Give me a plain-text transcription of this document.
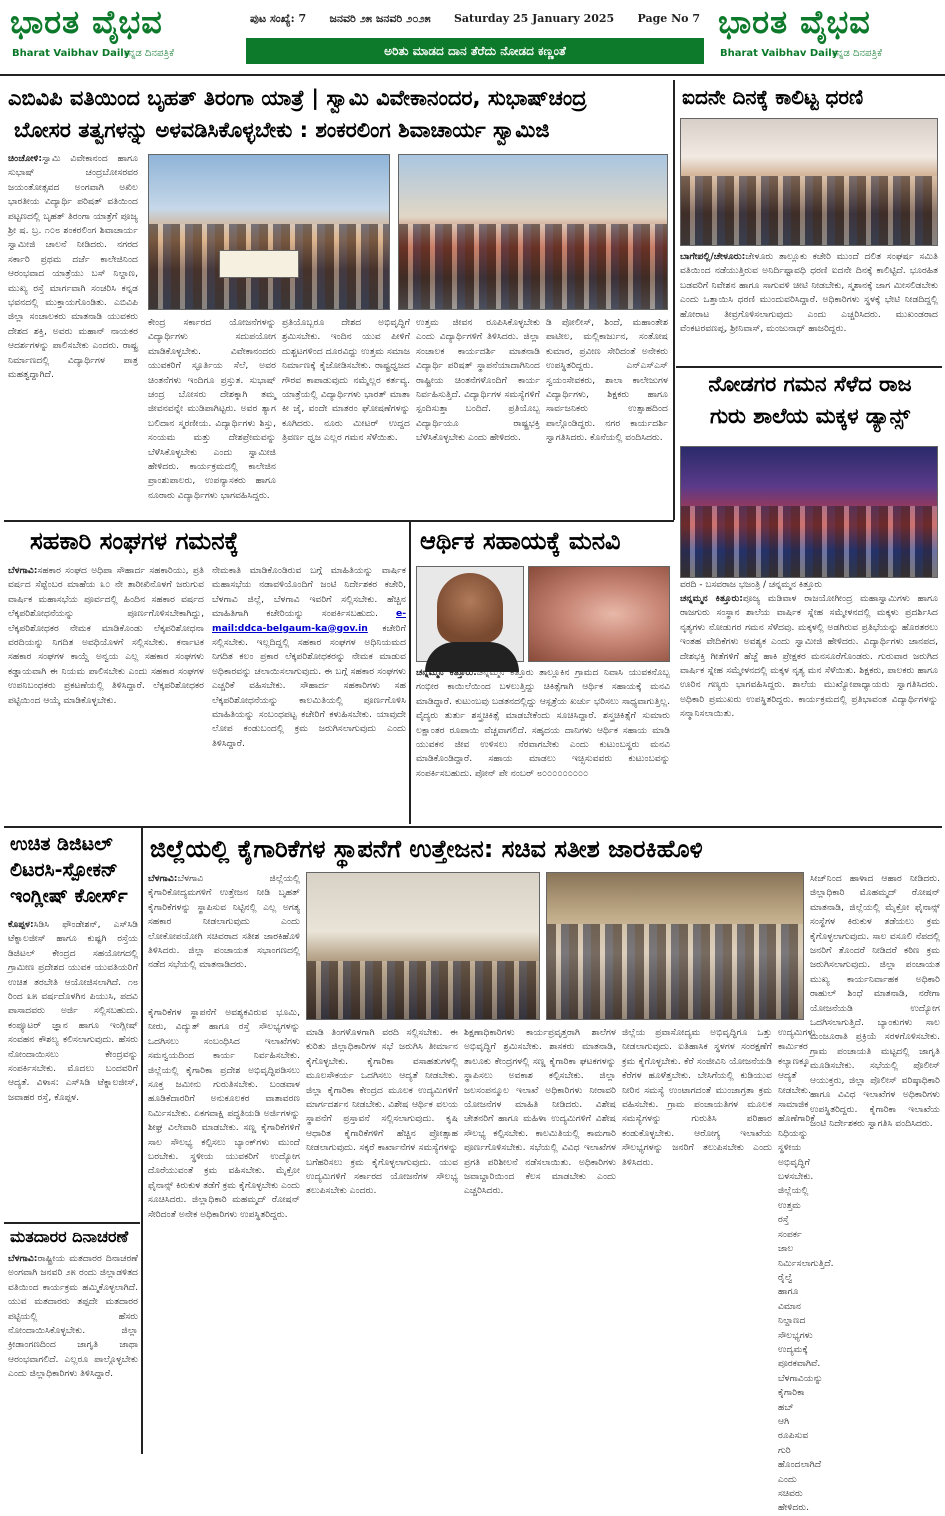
ಭಾರತ ವೈಭವ
Bharat Vaibhav Daily
ಕನ್ನಡ ದಿನಪತ್ರಿಕೆ
ಪುಟ ಸಂಖ್ಯೆ: 7 ಜನವರಿ ೨೫ ಜನವರಿ ೨೦೨೫ Saturday 25 January 2025 Page No 7
ಅರಿತು ಮಾಡದ ದಾನ ತೆರೆದು ನೋಡದ ಕಣ್ಣಂತೆ
ಭಾರತ ವೈಭವ
Bharat Vaibhav Daily
ಕನ್ನಡ ದಿನಪತ್ರಿಕೆ
ಎಬಿವಿಪಿ ವತಿಯಿಂದ ಬೃಹತ್ ತಿರಂಗಾ ಯಾತ್ರೆ | ಸ್ವಾಮಿ ವಿವೇಕಾನಂದರ, ಸುಭಾಷ್‌ಚಂದ್ರ
ಬೋಸರ ತತ್ವಗಳನ್ನು ಅಳವಡಿಸಿಕೊಳ್ಳಬೇಕು : ಶಂಕರಲಿಂಗ ಶಿವಾಚಾರ್ಯ ಸ್ವಾಮಿಜಿ
ಚಿಂಚೋಳಿ:ಸ್ವಾಮಿ ವಿವೇಕಾನಂದ ಹಾಗೂ ಸುಭಾಷ್ ಚಂದ್ರಬೋಸರವರ ಜಯಂತೋತ್ಸವದ ಅಂಗವಾಗಿ ಅಖಿಲ ಭಾರತೀಯ ವಿದ್ಯಾರ್ಥಿ ಪರಿಷತ್ ವತಿಯಿಂದ ಪಟ್ಟಣದಲ್ಲಿ ಬೃಹತ್ ತಿರಂಗಾ ಯಾತ್ರೆಗೆ ಪೂಜ್ಯ ಶ್ರೀ ಷ. ಬ್ರ. ೧೦೮ ಶಂಕರಲಿಂಗ ಶಿವಾಚಾರ್ಯ ಸ್ವಾಮೀಜಿ ಚಾಲನೆ ನೀಡಿದರು. ನಗರದ ಸರ್ಕಾರಿ ಪ್ರಥಮ ದರ್ಜೆ ಕಾಲೇಜಿನಿಂದ ಆರಂಭವಾದ ಯಾತ್ರೆಯು ಬಸ್ ನಿಲ್ದಾಣ, ಮುಖ್ಯ ರಸ್ತೆ ಮಾರ್ಗವಾಗಿ ಸಂಚರಿಸಿ ಕನ್ನಡ ಭವನದಲ್ಲಿ ಮುಕ್ತಾಯಗೊಂಡಿತು. ಎಬಿವಿಪಿ ಜಿಲ್ಲಾ ಸಂಚಾಲಕರು ಮಾತನಾಡಿ ಯುವಕರು ದೇಶದ ಶಕ್ತಿ, ಅವರು ಮಹಾನ್ ನಾಯಕರ ಆದರ್ಶಗಳನ್ನು ಪಾಲಿಸಬೇಕು ಎಂದರು. ರಾಷ್ಟ್ರ ನಿರ್ಮಾಣದಲ್ಲಿ ವಿದ್ಯಾರ್ಥಿಗಳ ಪಾತ್ರ ಮಹತ್ವದ್ದಾಗಿದೆ.
ಕೇಂದ್ರ ಸರ್ಕಾರದ ಯೋಜನೆಗಳನ್ನು ವಿದ್ಯಾರ್ಥಿಗಳು ಸದುಪಯೋಗ ಮಾಡಿಕೊಳ್ಳಬೇಕು. ವಿವೇಕಾನಂದರು ಯುವಕರಿಗೆ ಸ್ಫೂರ್ತಿಯ ಸೆಲೆ, ಅವರ ಚಿಂತನೆಗಳು ಇಂದಿಗೂ ಪ್ರಸ್ತುತ. ಸುಭಾಷ್ ಚಂದ್ರ ಬೋಸರು ದೇಶಕ್ಕಾಗಿ ತಮ್ಮ ಜೀವನವನ್ನೇ ಮುಡಿಪಾಗಿಟ್ಟರು. ಅವರ ತ್ಯಾಗ ಬಲಿದಾನ ಸ್ಮರಣೀಯ. ವಿದ್ಯಾರ್ಥಿಗಳು ಶಿಸ್ತು, ಸಂಯಮ ಮತ್ತು ದೇಶಪ್ರೇಮವನ್ನು ಬೆಳೆಸಿಕೊಳ್ಳಬೇಕು ಎಂದು ಸ್ವಾಮೀಜಿ ಹೇಳಿದರು. ಕಾರ್ಯಕ್ರಮದಲ್ಲಿ ಕಾಲೇಜಿನ ಪ್ರಾಂಶುಪಾಲರು, ಉಪನ್ಯಾಸಕರು ಹಾಗೂ ನೂರಾರು ವಿದ್ಯಾರ್ಥಿಗಳು ಭಾಗವಹಿಸಿದ್ದರು.
ಪ್ರತಿಯೊಬ್ಬರೂ ದೇಶದ ಅಭಿವೃದ್ಧಿಗೆ ಶ್ರಮಿಸಬೇಕು. ಇಂದಿನ ಯುವ ಪೀಳಿಗೆ ದುಶ್ಚಟಗಳಿಂದ ದೂರವಿದ್ದು ಉತ್ತಮ ಸಮಾಜ ನಿರ್ಮಾಣಕ್ಕೆ ಕೈಜೋಡಿಸಬೇಕು. ರಾಷ್ಟ್ರಧ್ವಜದ ಗೌರವ ಕಾಪಾಡುವುದು ನಮ್ಮೆಲ್ಲರ ಕರ್ತವ್ಯ. ಯಾತ್ರೆಯಲ್ಲಿ ವಿದ್ಯಾರ್ಥಿಗಳು ಭಾರತ್ ಮಾತಾ ಕೀ ಜೈ, ವಂದೇ ಮಾತರಂ ಘೋಷಣೆಗಳನ್ನು ಕೂಗಿದರು. ನೂರು ಮೀಟರ್ ಉದ್ದದ ತ್ರಿವರ್ಣ ಧ್ವಜ ಎಲ್ಲರ ಗಮನ ಸೆಳೆಯಿತು.
ಉತ್ತಮ ಜೀವನ ರೂಪಿಸಿಕೊಳ್ಳಬೇಕು ಎಂದು ವಿದ್ಯಾರ್ಥಿಗಳಿಗೆ ತಿಳಿಸಿದರು. ಜಿಲ್ಲಾ ಸಂಚಾಲಕ ಕಾರ್ಯದರ್ಶಿ ಮಾತನಾಡಿ ವಿದ್ಯಾರ್ಥಿ ಪರಿಷತ್ ಸ್ಥಾಪನೆಯಾದಾಗಿನಿಂದ ರಾಷ್ಟ್ರೀಯ ಚಿಂತನೆಗಳೊಂದಿಗೆ ಕಾರ್ಯ ನಿರ್ವಹಿಸುತ್ತಿದೆ. ವಿದ್ಯಾರ್ಥಿಗಳ ಸಮಸ್ಯೆಗಳಿಗೆ ಸ್ಪಂದಿಸುತ್ತಾ ಬಂದಿದೆ. ಪ್ರತಿಯೊಬ್ಬ ವಿದ್ಯಾರ್ಥಿಯೂ ರಾಷ್ಟ್ರಭಕ್ತಿ ಬೆಳೆಸಿಕೊಳ್ಳಬೇಕು ಎಂದು ಹೇಳಿದರು.
ಡಿ ಪೋಲೀಸ್, ಶಿಂದೆ, ಮಹಾಂತೇಶ ಪಾಟೀಲ, ಮಲ್ಲಿಕಾರ್ಜುನ, ಸಂತೋಷ ಕುಮಾರ, ಪ್ರವೀಣ ಸೇರಿದಂತೆ ಅನೇಕರು ಉಪಸ್ಥಿತರಿದ್ದರು. ಎನ್‌ಎಸ್‌ಎಸ್ ಸ್ವಯಂಸೇವಕರು, ಶಾಲಾ ಕಾಲೇಜುಗಳ ವಿದ್ಯಾರ್ಥಿಗಳು, ಶಿಕ್ಷಕರು ಹಾಗೂ ಸಾರ್ವಜನಿಕರು ಉತ್ಸಾಹದಿಂದ ಪಾಲ್ಗೊಂಡಿದ್ದರು. ನಗರ ಕಾರ್ಯದರ್ಶಿ ಸ್ವಾಗತಿಸಿದರು. ಕೊನೆಯಲ್ಲಿ ವಂದಿಸಿದರು.
ಐದನೇ ದಿನಕ್ಕೆ ಕಾಲಿಟ್ಟ ಧರಣಿ
ಬಾಗೇಪಲ್ಲಿ/ಚೇಳೂರು:ಚೇಳೂರು ತಾಲ್ಲೂಕು ಕಚೇರಿ ಮುಂದೆ ದಲಿತ ಸಂಘರ್ಷ ಸಮಿತಿ ವತಿಯಿಂದ ನಡೆಯುತ್ತಿರುವ ಅನಿರ್ದಿಷ್ಟಾವಧಿ ಧರಣಿ ಐದನೇ ದಿನಕ್ಕೆ ಕಾಲಿಟ್ಟಿದೆ. ಭೂರಹಿತ ಬಡವರಿಗೆ ನಿವೇಶನ ಹಾಗೂ ಸಾಗುವಳಿ ಚೀಟಿ ನೀಡಬೇಕು, ಸ್ಮಶಾನಕ್ಕೆ ಜಾಗ ಮೀಸಲಿಡಬೇಕು ಎಂದು ಒತ್ತಾಯಿಸಿ ಧರಣಿ ಮುಂದುವರಿಸಿದ್ದಾರೆ. ಅಧಿಕಾರಿಗಳು ಸ್ಥಳಕ್ಕೆ ಭೇಟಿ ನೀಡದಿದ್ದಲ್ಲಿ ಹೋರಾಟ ತೀವ್ರಗೊಳಿಸಲಾಗುವುದು ಎಂದು ಎಚ್ಚರಿಸಿದರು. ಮುಖಂಡರಾದ ವೆಂಕಟರವಣಪ್ಪ, ಶ್ರೀನಿವಾಸ್, ಮಂಜುನಾಥ್ ಹಾಜರಿದ್ದರು.
ನೋಡಗರ ಗಮನ ಸೆಳೆದ ರಾಜ
ಗುರು ಶಾಲೆಯ ಮಕ್ಕಳ ಡ್ಯಾನ್ಸ್
ವರದಿ - ಬಸವರಾಜ ಭಜಂತ್ರಿ / ಚನ್ನಮ್ಮನ ಕಿತ್ತೂರು
ಚನ್ನಮ್ಮನ ಕಿತ್ತೂರು:ಪೂಜ್ಯ ಮಡಿವಾಳ ರಾಜಯೋಗೀಂದ್ರ ಮಹಾಸ್ವಾಮಿಗಳು ಹಾಗೂ ರಾಜಗುರು ಸಂಸ್ಥಾನ ಶಾಲೆಯ ವಾರ್ಷಿಕ ಸ್ನೇಹ ಸಮ್ಮೇಳನದಲ್ಲಿ ಮಕ್ಕಳು ಪ್ರದರ್ಶಿಸಿದ ನೃತ್ಯಗಳು ನೋಡುಗರ ಗಮನ ಸೆಳೆದವು. ಮಕ್ಕಳಲ್ಲಿ ಅಡಗಿರುವ ಪ್ರತಿಭೆಯನ್ನು ಹೊರತರಲು ಇಂತಹ ವೇದಿಕೆಗಳು ಅವಶ್ಯಕ ಎಂದು ಸ್ವಾಮೀಜಿ ಹೇಳಿದರು. ವಿದ್ಯಾರ್ಥಿಗಳು ಜಾನಪದ, ದೇಶಭಕ್ತಿ ಗೀತೆಗಳಿಗೆ ಹೆಜ್ಜೆ ಹಾಕಿ ಪ್ರೇಕ್ಷಕರ ಮನಸೂರೆಗೊಂಡರು. ಗುರುವಾರ ಜರುಗಿದ ವಾರ್ಷಿಕ ಸ್ನೇಹ ಸಮ್ಮೇಳನದಲ್ಲಿ ಮಕ್ಕಳ ನೃತ್ಯ ಮನ ಸೆಳೆಯಿತು. ಶಿಕ್ಷಕರು, ಪಾಲಕರು ಹಾಗೂ ಊರಿನ ಗಣ್ಯರು ಭಾಗವಹಿಸಿದ್ದರು. ಶಾಲೆಯ ಮುಖ್ಯೋಪಾಧ್ಯಾಯರು ಸ್ವಾಗತಿಸಿದರು. ಅಧಿಕಾರಿ ಪ್ರಮುಖರು ಉಪಸ್ಥಿತರಿದ್ದರು. ಕಾರ್ಯಕ್ರಮದಲ್ಲಿ ಪ್ರತಿಭಾವಂತ ವಿದ್ಯಾರ್ಥಿಗಳನ್ನು ಸನ್ಮಾನಿಸಲಾಯಿತು.
ಸಹಕಾರಿ ಸಂಘಗಳ ಗಮನಕ್ಕೆ
ಬೆಳಗಾವಿ:ಸಹಕಾರ ಸಂಘದ ಅಧಿಪಾ ಸೌಹಾರ್ದ ಸಹಕಾರಿಯು, ಪ್ರತಿ ವರ್ಷದ ಸೆಪ್ಟೆಂಬರ ಮಾಹೆಯ ೩೦ ನೇ ತಾರೀಖಿನೊಳಗೆ ಜರುಗುವ ವಾರ್ಷಿಕ ಮಹಾಸಭೆಯ ಪೂರ್ವದಲ್ಲಿ ಹಿಂದಿನ ಸಹಕಾರ ವರ್ಷದ ಲೆಕ್ಕಪರಿಶೋಧನೆಯನ್ನು ಪೂರ್ಣಗೊಳಿಸಬೇಕಾಗಿದ್ದು, ಲೆಕ್ಕಪರಿಶೋಧಕರ ನೇಮಕ ಮಾಡಿಕೊಂಡು ಲೆಕ್ಕಪರಿಶೋಧನಾ ವರದಿಯನ್ನು ನಿಗದಿತ ಅವಧಿಯೊಳಗೆ ಸಲ್ಲಿಸಬೇಕು. ಕರ್ನಾಟಕ ಸಹಕಾರ ಸಂಘಗಳ ಕಾಯ್ದೆ ಅನ್ವಯ ಎಲ್ಲ ಸಹಕಾರ ಸಂಘಗಳು ಕಡ್ಡಾಯವಾಗಿ ಈ ನಿಯಮ ಪಾಲಿಸಬೇಕು ಎಂದು ಸಹಕಾರ ಸಂಘಗಳ ಉಪನಿಬಂಧಕರು ಪ್ರಕಟಣೆಯಲ್ಲಿ ತಿಳಿಸಿದ್ದಾರೆ. ಲೆಕ್ಕಪರಿಶೋಧಕರ ಪಟ್ಟಿಯಿಂದ ಆಯ್ಕೆ ಮಾಡಿಕೊಳ್ಳಬೇಕು.
ನೇಮಕಾತಿ ಮಾಡಿಕೊಂಡಿರುವ ಬಗ್ಗೆ ಮಾಹಿತಿಯನ್ನು ವಾರ್ಷಿಕ ಮಹಾಸಭೆಯ ನಡಾವಳಿಯೊಂದಿಗೆ ಜಂಟಿ ನಿರ್ದೇಶಕರ ಕಚೇರಿ, ಬೆಳಗಾವಿ ಜಿಲ್ಲೆ, ಬೆಳಗಾವಿ ಇವರಿಗೆ ಸಲ್ಲಿಸಬೇಕು. ಹೆಚ್ಚಿನ ಮಾಹಿತಿಗಾಗಿ ಕಚೇರಿಯನ್ನು ಸಂಪರ್ಕಿಸಬಹುದು. e-mail:ddca-belgaum-ka@gov.in ಕಚೇರಿಗೆ ಸಲ್ಲಿಸಬೇಕು. ಇಲ್ಲದಿದ್ದಲ್ಲಿ ಸಹಕಾರ ಸಂಘಗಳ ಅಧಿನಿಯಮದ ನಿಗದಿತ ಕಲಂ ಪ್ರಕಾರ ಲೆಕ್ಕಪರಿಶೋಧಕರನ್ನು ನೇಮಕ ಮಾಡುವ ಅಧಿಕಾರವನ್ನು ಚಲಾಯಿಸಲಾಗುವುದು. ಈ ಬಗ್ಗೆ ಸಹಕಾರ ಸಂಘಗಳು ಎಚ್ಚರಿಕೆ ವಹಿಸಬೇಕು. ಸೌಹಾರ್ದ ಸಹಕಾರಿಗಳು ಸಹ ಲೆಕ್ಕಪರಿಶೋಧನೆಯನ್ನು ಕಾಲಮಿತಿಯಲ್ಲಿ ಪೂರ್ಣಗೊಳಿಸಿ ಮಾಹಿತಿಯನ್ನು ಸಂಬಂಧಪಟ್ಟ ಕಚೇರಿಗೆ ಕಳುಹಿಸಬೇಕು. ಯಾವುದೇ ಲೋಪ ಕಂಡುಬಂದಲ್ಲಿ ಕ್ರಮ ಜರುಗಿಸಲಾಗುವುದು ಎಂದು ತಿಳಿಸಿದ್ದಾರೆ.
ಆರ್ಥಿಕ ಸಹಾಯಕ್ಕೆ ಮನವಿ
ಚನ್ನಮ್ಮನ ಕಿತ್ತೂರು:ಚನ್ನಮ್ಮನ ಕಿತ್ತೂರು ತಾಲ್ಲೂಕಿನ ಗ್ರಾಮದ ನಿವಾಸಿ ಯುವಕನೊಬ್ಬ ಗಂಭೀರ ಕಾಯಿಲೆಯಿಂದ ಬಳಲುತ್ತಿದ್ದು ಚಿಕಿತ್ಸೆಗಾಗಿ ಆರ್ಥಿಕ ಸಹಾಯಕ್ಕೆ ಮನವಿ ಮಾಡಿದ್ದಾರೆ. ಕುಟುಂಬವು ಬಡತನದಲ್ಲಿದ್ದು ಆಸ್ಪತ್ರೆಯ ಖರ್ಚು ಭರಿಸಲು ಸಾಧ್ಯವಾಗುತ್ತಿಲ್ಲ. ವೈದ್ಯರು ತುರ್ತು ಶಸ್ತ್ರಚಿಕಿತ್ಸೆ ಮಾಡಬೇಕೆಂದು ಸೂಚಿಸಿದ್ದಾರೆ. ಶಸ್ತ್ರಚಿಕಿತ್ಸೆಗೆ ಸುಮಾರು ಲಕ್ಷಾಂತರ ರೂಪಾಯಿ ವೆಚ್ಚವಾಗಲಿದೆ. ಸಹೃದಯ ದಾನಿಗಳು ಆರ್ಥಿಕ ಸಹಾಯ ಮಾಡಿ ಯುವಕನ ಜೀವ ಉಳಿಸಲು ನೆರವಾಗಬೇಕು ಎಂದು ಕುಟುಂಬಸ್ಥರು ಮನವಿ ಮಾಡಿಕೊಂಡಿದ್ದಾರೆ. ಸಹಾಯ ಮಾಡಲು ಇಚ್ಛಿಸುವವರು ಕುಟುಂಬವನ್ನು ಸಂಪರ್ಕಿಸಬಹುದು. ಪೋನ್ ಪೇ ನಂಬರ್ ೮೦೦೦೦೦೦೦೦೦
ಉಚಿತ ಡಿಜಿಟಲ್
ಲಿಟರಸಿ-ಸ್ಪೋಕನ್
ಇಂಗ್ಲೀಷ್ ಕೋರ್ಸ್
ಕೊಪ್ಪಳ:ಸಿಡಿಸಿ ಫೌಂಡೇಶನ್, ಎಸ್‌ಸಿಡಿ ಟೆಕ್ನಾಲಜೀಸ್ ಹಾಗೂ ಕುಷ್ಟಗಿ ರಸ್ತೆಯ ಡಿಜಿಟಲ್ ಕೇಂದ್ರದ ಸಹಯೋಗದಲ್ಲಿ ಗ್ರಾಮೀಣ ಪ್ರದೇಶದ ಯುವಕ ಯುವತಿಯರಿಗೆ ಉಚಿತ ತರಬೇತಿ ಆಯೋಜಿಸಲಾಗಿದೆ. ೧೮ ರಿಂದ ೩೫ ವರ್ಷದೊಳಗಿನ ಪಿಯುಸಿ, ಪದವಿ ಪಾಸಾದವರು ಅರ್ಜಿ ಸಲ್ಲಿಸಬಹುದು. ಕಂಪ್ಯೂಟರ್ ಜ್ಞಾನ ಹಾಗೂ ಇಂಗ್ಲೀಷ್ ಸಂವಹನ ಕೌಶಲ್ಯ ಕಲಿಸಲಾಗುವುದು. ಹೆಸರು ನೋಂದಾಯಿಸಲು ಕೇಂದ್ರವನ್ನು ಸಂಪರ್ಕಿಸಬೇಕು. ಮೊದಲು ಬಂದವರಿಗೆ ಆದ್ಯತೆ. ವಿಳಾಸ: ಎಸ್‌ಸಿಡಿ ಟೆಕ್ನಾಲಜೀಸ್, ಜವಾಹರ ರಸ್ತೆ, ಕೊಪ್ಪಳ.
ಮತದಾರರ ದಿನಾಚರಣೆ
ಬೆಳಗಾವಿ:ರಾಷ್ಟ್ರೀಯ ಮತದಾರರ ದಿನಾಚರಣೆ ಅಂಗವಾಗಿ ಜನವರಿ ೨೫ ರಂದು ಜಿಲ್ಲಾಡಳಿತದ ವತಿಯಿಂದ ಕಾರ್ಯಕ್ರಮ ಹಮ್ಮಿಕೊಳ್ಳಲಾಗಿದೆ. ಯುವ ಮತದಾರರು ತಪ್ಪದೇ ಮತದಾರರ ಪಟ್ಟಿಯಲ್ಲಿ ಹೆಸರು ನೋಂದಾಯಿಸಿಕೊಳ್ಳಬೇಕು. ಜಿಲ್ಲಾ ಕ್ರೀಡಾಂಗಣದಿಂದ ಜಾಗೃತಿ ಜಾಥಾ ಆರಂಭವಾಗಲಿದೆ. ಎಲ್ಲರೂ ಪಾಲ್ಗೊಳ್ಳಬೇಕು ಎಂದು ಜಿಲ್ಲಾಧಿಕಾರಿಗಳು ತಿಳಿಸಿದ್ದಾರೆ.
ಜಿಲ್ಲೆಯಲ್ಲಿ ಕೈಗಾರಿಕೆಗಳ ಸ್ಥಾಪನೆಗೆ ಉತ್ತೇಜನ: ಸಚಿವ ಸತೀಶ ಜಾರಕಿಹೊಳಿ
ಬೆಳಗಾವಿ:ಬೆಳಗಾವಿ ಜಿಲ್ಲೆಯಲ್ಲಿ ಕೈಗಾರಿಕೋದ್ಯಮಗಳಿಗೆ ಉತ್ತೇಜನ ನೀಡಿ ಬೃಹತ್ ಕೈಗಾರಿಕೆಗಳನ್ನು ಸ್ಥಾಪಿಸುವ ನಿಟ್ಟಿನಲ್ಲಿ ಎಲ್ಲ ಅಗತ್ಯ ಸಹಕಾರ ನೀಡಲಾಗುವುದು ಎಂದು ಲೋಕೋಪಯೋಗಿ ಸಚಿವರಾದ ಸತೀಶ ಜಾರಕಿಹೊಳಿ ತಿಳಿಸಿದರು. ಜಿಲ್ಲಾ ಪಂಚಾಯತ ಸಭಾಂಗಣದಲ್ಲಿ ನಡೆದ ಸಭೆಯಲ್ಲಿ ಮಾತನಾಡಿದರು.
ಕೈಗಾರಿಕೆಗಳ ಸ್ಥಾಪನೆಗೆ ಅವಶ್ಯಕವಿರುವ ಭೂಮಿ, ನೀರು, ವಿದ್ಯುತ್ ಹಾಗೂ ರಸ್ತೆ ಸೌಲಭ್ಯಗಳನ್ನು ಒದಗಿಸಲು ಸಂಬಂಧಿಸಿದ ಇಲಾಖೆಗಳು ಸಮನ್ವಯದಿಂದ ಕಾರ್ಯ ನಿರ್ವಹಿಸಬೇಕು. ಜಿಲ್ಲೆಯಲ್ಲಿ ಕೈಗಾರಿಕಾ ಪ್ರದೇಶ ಅಭಿವೃದ್ಧಿಪಡಿಸಲು ಸೂಕ್ತ ಜಮೀನು ಗುರುತಿಸಬೇಕು. ಬಂಡವಾಳ ಹೂಡಿಕೆದಾರರಿಗೆ ಅನುಕೂಲಕರ ವಾತಾವರಣ ನಿರ್ಮಿಸಬೇಕು. ಏಕಗವಾಕ್ಷಿ ಪದ್ಧತಿಯಡಿ ಅರ್ಜಿಗಳನ್ನು ಶೀಘ್ರ ವಿಲೇವಾರಿ ಮಾಡಬೇಕು. ಸಣ್ಣ ಕೈಗಾರಿಕೆಗಳಿಗೆ ಸಾಲ ಸೌಲಭ್ಯ ಕಲ್ಪಿಸಲು ಬ್ಯಾಂಕ್‌ಗಳು ಮುಂದೆ ಬರಬೇಕು. ಸ್ಥಳೀಯ ಯುವಕರಿಗೆ ಉದ್ಯೋಗ ದೊರೆಯುವಂತೆ ಕ್ರಮ ವಹಿಸಬೇಕು. ಮೈಕ್ರೋ ಫೈನಾನ್ಸ್ ಕಿರುಕುಳ ತಡೆಗೆ ಕ್ರಮ ಕೈಗೊಳ್ಳಬೇಕು ಎಂದು ಸೂಚಿಸಿದರು. ಜಿಲ್ಲಾಧಿಕಾರಿ ಮಹಮ್ಮದ್ ರೋಷನ್ ಸೇರಿದಂತೆ ಅನೇಕ ಅಧಿಕಾರಿಗಳು ಉಪಸ್ಥಿತರಿದ್ದರು.
ಮಾಡಿ ತಿಂಗಳೊಳಗಾಗಿ ವರದಿ ಸಲ್ಲಿಸಬೇಕು. ಈ ಕುರಿತು ಜಿಲ್ಲಾಧಿಕಾರಿಗಳ ಸಭೆ ಜರುಗಿಸಿ ತೀರ್ಮಾನ ಕೈಗೊಳ್ಳಬೇಕು. ಕೈಗಾರಿಕಾ ವಸಾಹತುಗಳಲ್ಲಿ ಮೂಲಸೌಕರ್ಯ ಒದಗಿಸಲು ಆದ್ಯತೆ ನೀಡಬೇಕು. ಜಿಲ್ಲಾ ಕೈಗಾರಿಕಾ ಕೇಂದ್ರದ ಮೂಲಕ ಉದ್ಯಮಿಗಳಿಗೆ ಮಾರ್ಗದರ್ಶನ ನೀಡಬೇಕು. ವಿಶೇಷ ಆರ್ಥಿಕ ವಲಯ ಸ್ಥಾಪನೆಗೆ ಪ್ರಸ್ತಾವನೆ ಸಲ್ಲಿಸಲಾಗುವುದು. ಕೃಷಿ ಆಧಾರಿತ ಕೈಗಾರಿಕೆಗಳಿಗೆ ಹೆಚ್ಚಿನ ಪ್ರೋತ್ಸಾಹ ನೀಡಲಾಗುವುದು. ಸಕ್ಕರೆ ಕಾರ್ಖಾನೆಗಳ ಸಮಸ್ಯೆಗಳನ್ನು ಬಗೆಹರಿಸಲು ಕ್ರಮ ಕೈಗೊಳ್ಳಲಾಗುವುದು. ಯುವ ಉದ್ಯಮಿಗಳಿಗೆ ಸರ್ಕಾರದ ಯೋಜನೆಗಳ ಸೌಲಭ್ಯ ತಲುಪಿಸಬೇಕು ಎಂದರು.
ಶಿಕ್ಷಣಾಧಿಕಾರಿಗಳು ಕಾರ್ಯಪ್ರವೃತ್ತರಾಗಿ ಶಾಲೆಗಳ ಅಭಿವೃದ್ಧಿಗೆ ಶ್ರಮಿಸಬೇಕು. ಶಾಸಕರು ಮಾತನಾಡಿ, ತಾಲೂಕು ಕೇಂದ್ರಗಳಲ್ಲಿ ಸಣ್ಣ ಕೈಗಾರಿಕಾ ಘಟಕಗಳನ್ನು ಸ್ಥಾಪಿಸಲು ಅವಕಾಶ ಕಲ್ಪಿಸಬೇಕು. ಜಿಲ್ಲಾ ಜಲಸಂಪನ್ಮೂಲ ಇಲಾಖೆ ಅಧಿಕಾರಿಗಳು ನೀರಾವರಿ ಯೋಜನೆಗಳ ಮಾಹಿತಿ ನೀಡಿದರು. ವಿಶೇಷ ಚೇತನರಿಗೆ ಹಾಗೂ ಮಹಿಳಾ ಉದ್ಯಮಿಗಳಿಗೆ ವಿಶೇಷ ಸೌಲಭ್ಯ ಕಲ್ಪಿಸಬೇಕು. ಕಾಲಮಿತಿಯಲ್ಲಿ ಕಾಮಗಾರಿ ಪೂರ್ಣಗೊಳಿಸಬೇಕು. ಸಭೆಯಲ್ಲಿ ವಿವಿಧ ಇಲಾಖೆಗಳ ಪ್ರಗತಿ ಪರಿಶೀಲನೆ ನಡೆಸಲಾಯಿತು. ಅಧಿಕಾರಿಗಳು ಜವಾಬ್ದಾರಿಯಿಂದ ಕೆಲಸ ಮಾಡಬೇಕು ಎಂದು ಎಚ್ಚರಿಸಿದರು.
ಜಿಲ್ಲೆಯ ಪ್ರವಾಸೋದ್ಯಮ ಅಭಿವೃದ್ಧಿಗೂ ಒತ್ತು ನೀಡಲಾಗುವುದು. ಐತಿಹಾಸಿಕ ಸ್ಥಳಗಳ ಸಂರಕ್ಷಣೆಗೆ ಕ್ರಮ ಕೈಗೊಳ್ಳಬೇಕು. ಕೆರೆ ಸಂಜೀವಿನಿ ಯೋಜನೆಯಡಿ ಕೆರೆಗಳ ಹೂಳೆತ್ತಬೇಕು. ಬೇಸಿಗೆಯಲ್ಲಿ ಕುಡಿಯುವ ನೀರಿನ ಸಮಸ್ಯೆ ಉಂಟಾಗದಂತೆ ಮುಂಜಾಗ್ರತಾ ಕ್ರಮ ವಹಿಸಬೇಕು. ಗ್ರಾಮ ಪಂಚಾಯತಿಗಳ ಮೂಲಕ ಸಮಸ್ಯೆಗಳನ್ನು ಗುರುತಿಸಿ ಪರಿಹಾರ ಕಂಡುಕೊಳ್ಳಬೇಕು. ಆರೋಗ್ಯ ಇಲಾಖೆಯ ಸೌಲಭ್ಯಗಳನ್ನು ಜನರಿಗೆ ತಲುಪಿಸಬೇಕು ಎಂದು ತಿಳಿಸಿದರು.
ಸೀಜ್‌ನಿಂದ ಹಾಳಾದ ಆಹಾರ ನೀಡಿದರು. ಜಿಲ್ಲಾಧಿಕಾರಿ ಮೊಹಮ್ಮದ್ ರೋಷನ್ ಮಾತನಾಡಿ, ಜಿಲ್ಲೆಯಲ್ಲಿ ಮೈಕ್ರೋ ಫೈನಾನ್ಸ್ ಸಂಸ್ಥೆಗಳ ಕಿರುಕುಳ ತಡೆಯಲು ಕ್ರಮ ಕೈಗೊಳ್ಳಲಾಗುವುದು. ಸಾಲ ವಸೂಲಿ ನೆಪದಲ್ಲಿ ಜನರಿಗೆ ತೊಂದರೆ ನೀಡಿದರೆ ಕಠಿಣ ಕ್ರಮ ಜರುಗಿಸಲಾಗುವುದು. ಜಿಲ್ಲಾ ಪಂಚಾಯತ ಮುಖ್ಯ ಕಾರ್ಯನಿರ್ವಾಹಕ ಅಧಿಕಾರಿ ರಾಹುಲ್ ಶಿಂಧೆ ಮಾತನಾಡಿ, ನರೇಗಾ ಯೋಜನೆಯಡಿ ಉದ್ಯೋಗ ಒದಗಿಸಲಾಗುತ್ತಿದೆ. ಬ್ಯಾಂಕುಗಳು ಸಾಲ ಮಂಜೂರಾತಿ ಪ್ರಕ್ರಿಯೆ ಸರಳಗೊಳಿಸಬೇಕು. ಗ್ರಾಮ ಪಂಚಾಯತಿ ಮಟ್ಟದಲ್ಲಿ ಜಾಗೃತಿ ಮೂಡಿಸಬೇಕು. ಸಭೆಯಲ್ಲಿ ಪೊಲೀಸ್ ಆಯುಕ್ತರು, ಜಿಲ್ಲಾ ಪೊಲೀಸ್ ವರಿಷ್ಠಾಧಿಕಾರಿ ಹಾಗೂ ವಿವಿಧ ಇಲಾಖೆಗಳ ಅಧಿಕಾರಿಗಳು ಉಪಸ್ಥಿತರಿದ್ದರು. ಕೈಗಾರಿಕಾ ಇಲಾಖೆಯ ಜಂಟಿ ನಿರ್ದೇಶಕರು ಸ್ವಾಗತಿಸಿ ವಂದಿಸಿದರು.
ಉದ್ಯಮಿಗಳು ಕಾರ್ಮಿಕರ ಕಲ್ಯಾಣಕ್ಕೂ ಆದ್ಯತೆ ನೀಡಬೇಕು. ಸಾಮಾಜಿಕ ಹೊಣೆಗಾರಿಕೆ ನಿಧಿಯನ್ನು ಸ್ಥಳೀಯ ಅಭಿವೃದ್ಧಿಗೆ ಬಳಸಬೇಕು. ಜಿಲ್ಲೆಯಲ್ಲಿ ಉತ್ತಮ ರಸ್ತೆ ಸಂಪರ್ಕ ಜಾಲ ನಿರ್ಮಿಸಲಾಗುತ್ತಿದೆ. ರೈಲ್ವೆ ಹಾಗೂ ವಿಮಾನ ನಿಲ್ದಾಣದ ಸೌಲಭ್ಯಗಳು ಉದ್ಯಮಕ್ಕೆ ಪೂರಕವಾಗಿವೆ. ಬೆಳಗಾವಿಯನ್ನು ಕೈಗಾರಿಕಾ ಹಬ್ ಆಗಿ ರೂಪಿಸುವ ಗುರಿ ಹೊಂದಲಾಗಿದೆ ಎಂದು ಸಚಿವರು ಹೇಳಿದರು.
